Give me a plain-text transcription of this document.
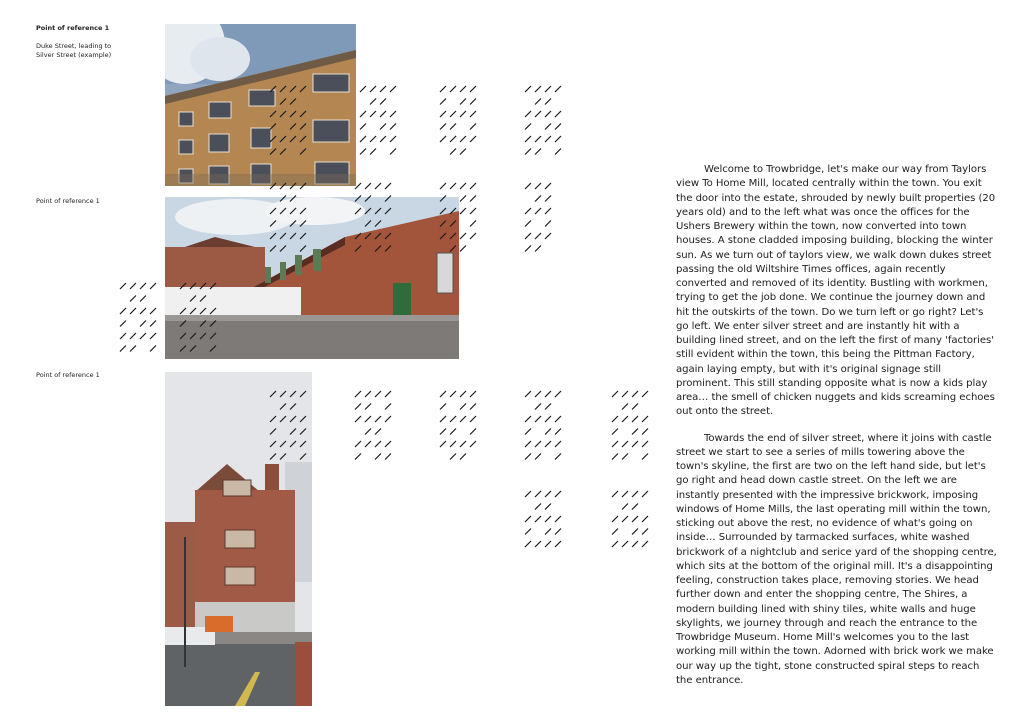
Point of reference 1
Duke Street, leading to
Silver Street (example)
Point of reference 1
Point of reference 1

Welcome to Trowbridge, let's make our way from Taylors view To Home Mill, located centrally within the town. You exit the door into the estate, shrouded by newly built properties (20 years old) and to the left what was once the offices for the Ushers Brewery within the town, now converted into town houses. A stone cladded imposing building, blocking the winter sun. As we turn out of taylors view, we walk down dukes street passing the old Wiltshire Times offices, again recently converted and removed of its identity. Bustling with workmen, trying to get the job done. We continue the journey down and hit the outskirts of the town. Do we turn left or go right? Let's go left. We enter silver street and are instantly hit with a building lined street, and on the left the first of many 'factories' still evident within the town, this being the Pittman Factory, again laying empty, but with it's original signage still prominent. This still standing opposite what is now a kids play area… the smell of chicken nuggets and kids screaming echoes out onto the street.

Towards the end of silver street, where it joins with castle street we start to see a series of mills towering above the town's skyline, the first are two on the left hand side, but let's go right and head down castle street. On the left we are instantly presented with the impressive brickwork, imposing windows of Home Mills, the last operating mill within the town, sticking out above the rest, no evidence of what's going on inside… Surrounded by tarmacked surfaces, white washed brickwork of a nightclub and serice yard of the shopping centre, which sits at the bottom of the original mill. It's a disappointing feeling, construction takes place, removing stories. We head further down and enter the shopping centre, The Shires, a modern building lined with shiny tiles, white walls and huge skylights, we journey through and reach the entrance to the Trowbridge Museum. Home Mill's welcomes you to the last working mill within the town. Adorned with brick work we make our way up the tight, stone constructed spiral steps to reach the entrance.
